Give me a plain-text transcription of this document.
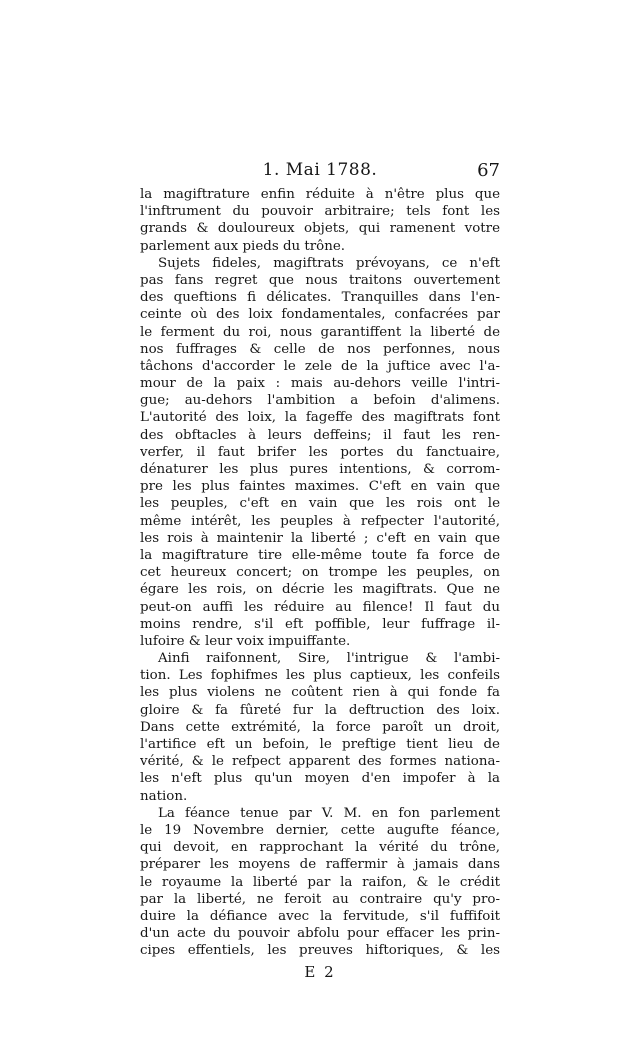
1. Mai 1788.	67
la magiftrature enfin réduite à n'être plus que
l'inftrument du pouvoir arbitraire; tels font les
grands & douloureux objets, qui ramenent votre
parlement aux pieds du trône.
Sujets fideles, magiftrats prévoyans, ce n'eft
pas fans regret que nous traitons ouvertement
des queftions fi délicates. Tranquilles dans l'en-
ceinte où des loix fondamentales, confacrées par
le ferment du roi, nous garantiffent la liberté de
nos fuffrages & celle de nos perfonnes, nous
tâchons d'accorder le zele de la juftice avec l'a-
mour de la paix : mais au-dehors veille l'intri-
gue; au-dehors l'ambition a befoin d'alimens.
L'autorité des loix, la fageffe des magiftrats font
des obftacles à leurs deffeins; il faut les ren-
verfer, il faut brifer les portes du fanctuaire,
dénaturer les plus pures intentions, & corrom-
pre les plus faintes maximes. C'eft en vain que
les peuples, c'eft en vain que les rois ont le
même intérêt, les peuples à refpecter l'autorité,
les rois à maintenir la liberté ; c'eft en vain que
la magiftrature tire elle-même toute fa force de
cet heureux concert; on trompe les peuples, on
égare les rois, on décrie les magiftrats. Que ne
peut-on auffi les réduire au filence! Il faut du
moins rendre, s'il eft poffible, leur fuffrage il-
lufoire & leur voix impuiffante.
Ainfi raifonnent, Sire, l'intrigue & l'ambi-
tion. Les fophifmes les plus captieux, les confeils
les plus violens ne coûtent rien à qui fonde fa
gloire & fa fûreté fur la deftruction des loix.
Dans cette extrémité, la force paroît un droit,
l'artifice eft un befoin, le preftige tient lieu de
vérité, & le refpect apparent des formes nationa-
les n'eft plus qu'un moyen d'en impofer à la
nation.
La féance tenue par V. M. en fon parlement
le 19 Novembre dernier, cette augufte féance,
qui devoit, en rapprochant la vérité du trône,
préparer les moyens de raffermir à jamais dans
le royaume la liberté par la raifon, & le crédit
par la liberté, ne feroit au contraire qu'y pro-
duire la défiance avec la fervitude, s'il fuffifoit
d'un acte du pouvoir abfolu pour effacer les prin-
cipes effentiels, les preuves hiftoriques, & les
E 2
